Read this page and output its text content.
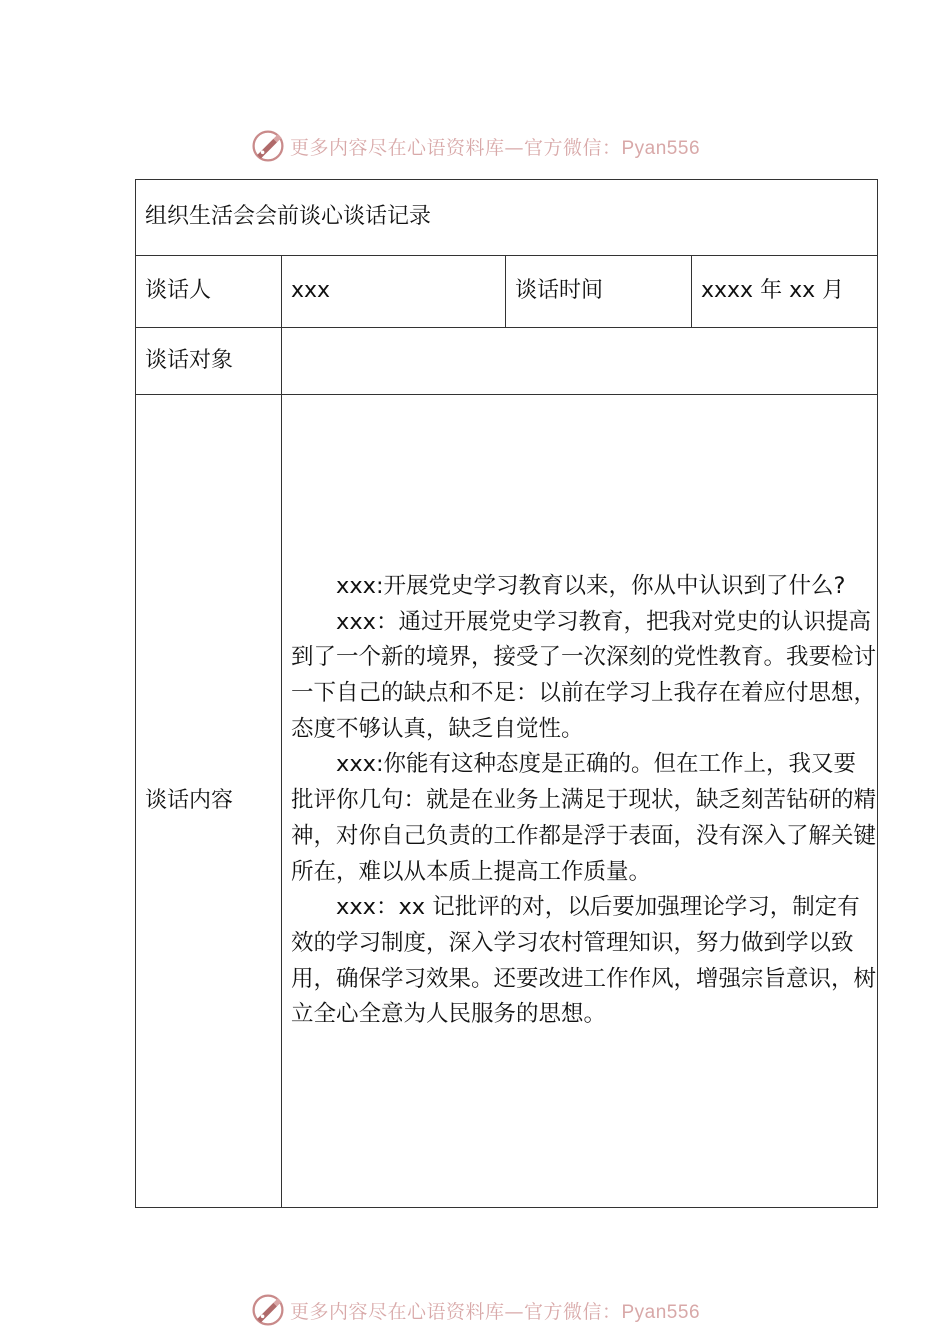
更多内容尽在心语资料库—官方微信：Pyan556
组织生活会会前谈心谈话记录			
谈话人	xxx	谈话时间	xxxx 年 xx 月
谈话对象			
谈话内容	xxx:开展党史学习教育以来，你从中认识到了什么?

xxx：通过开展党史学习教育，把我对党史的认识提高到了一个新的境界，接受了一次深刻的党性教育。我要检讨一下自己的缺点和不足：以前在学习上我存在着应付思想，态度不够认真，缺乏自觉性。

xxx:你能有这种态度是正确的。但在工作上，我又要批评你几句：就是在业务上满足于现状，缺乏刻苦钻研的精神，对你自己负责的工作都是浮于表面，没有深入了解关键所在，难以从本质上提高工作质量。

xxx：xx 记批评的对，以后要加强理论学习，制定有效的学习制度，深入学习农村管理知识，努力做到学以致用，确保学习效果。还要改进工作作风，增强宗旨意识，树立全心全意为人民服务的思想。		

更多内容尽在心语资料库—官方微信：Pyan556
